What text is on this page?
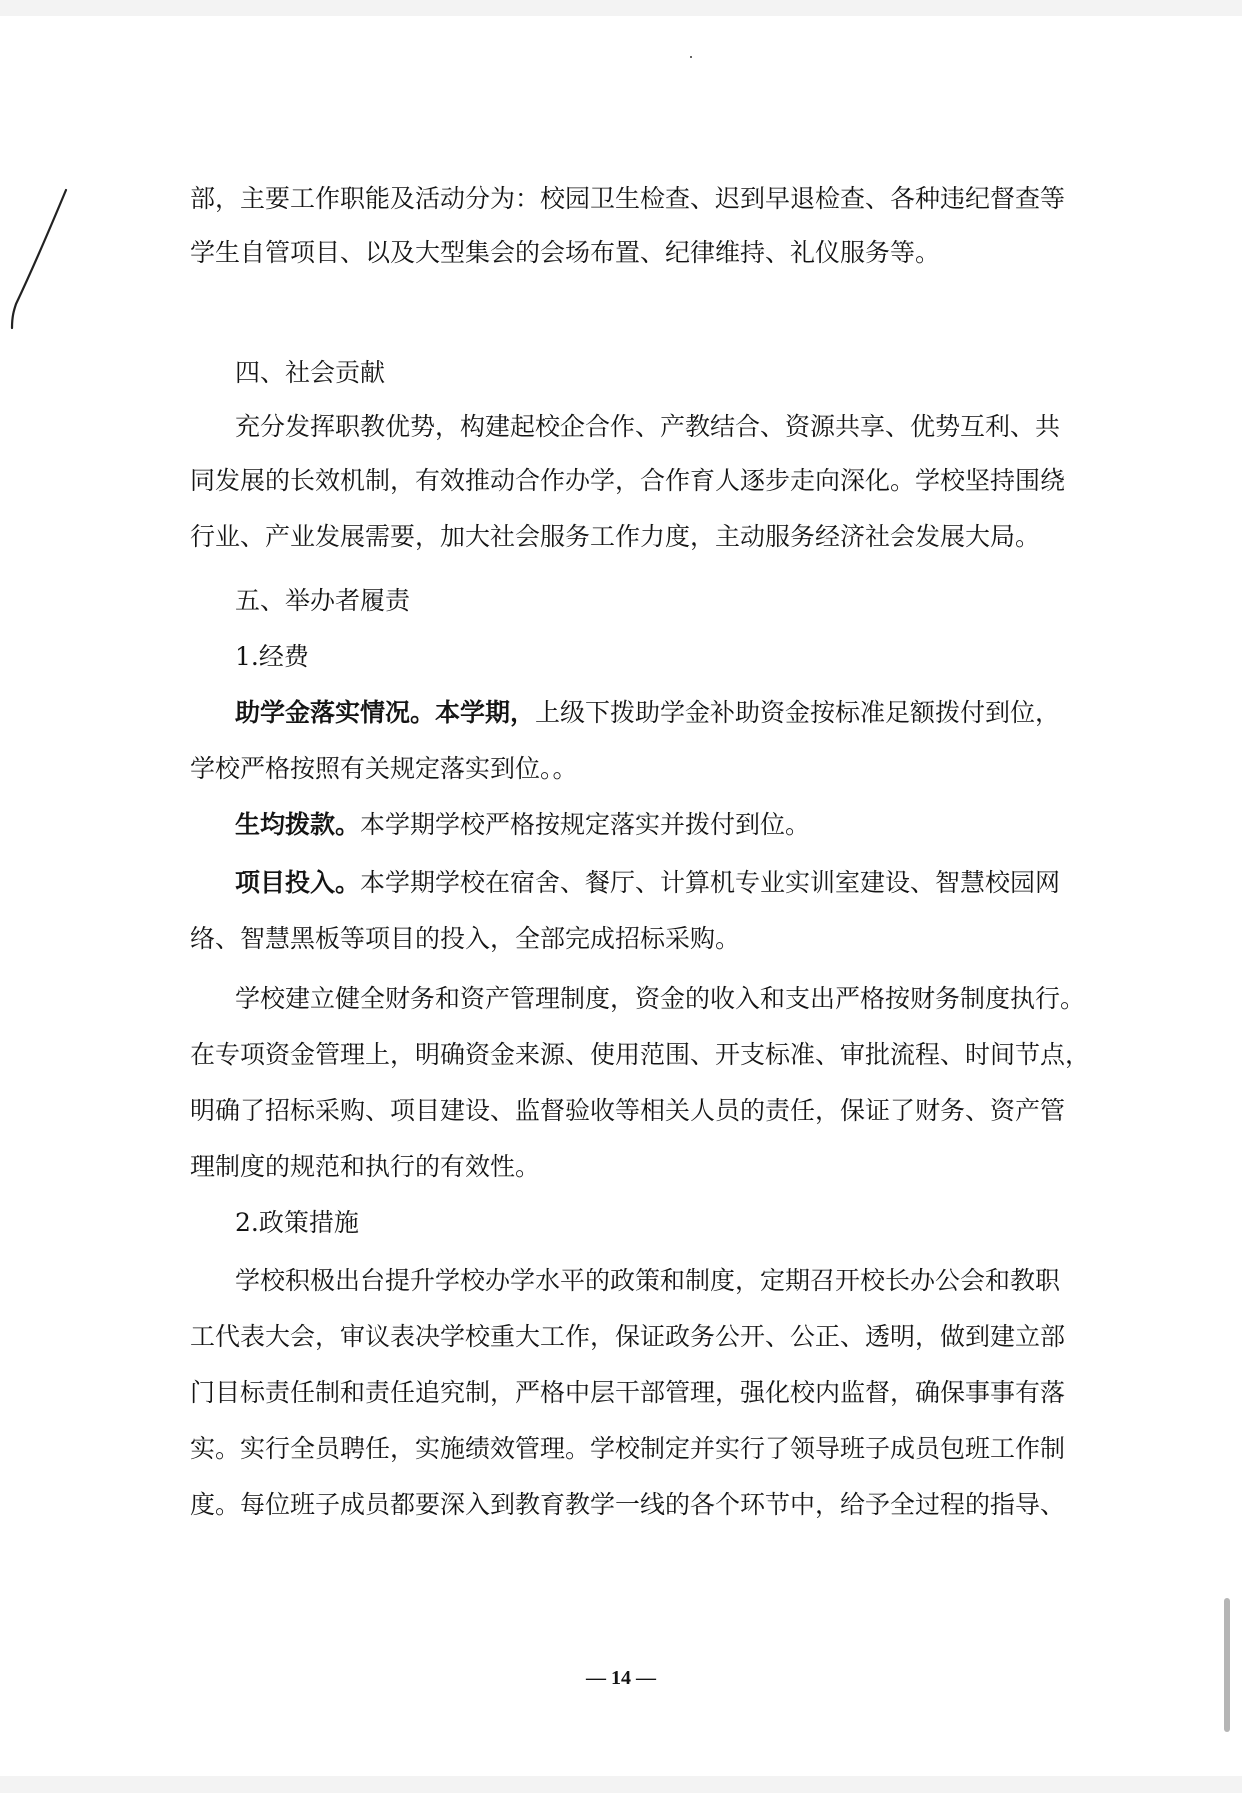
部，主要工作职能及活动分为：校园卫生检查、迟到早退检查、各种违纪督查等

学生自管项目、以及大型集会的会场布置、纪律维持、礼仪服务等。

四、社会贡献

充分发挥职教优势，构建起校企合作、产教结合、资源共享、优势互利、共

同发展的长效机制，有效推动合作办学，合作育人逐步走向深化。学校坚持围绕

行业、产业发展需要，加大社会服务工作力度，主动服务经济社会发展大局。

五、举办者履责

1.经费

助学金落实情况。本学期，上级下拨助学金补助资金按标准足额拨付到位，

学校严格按照有关规定落实到位。。

生均拨款。本学期学校严格按规定落实并拨付到位。

项目投入。本学期学校在宿舍、餐厅、计算机专业实训室建设、智慧校园网

络、智慧黑板等项目的投入，全部完成招标采购。

学校建立健全财务和资产管理制度，资金的收入和支出严格按财务制度执行。

在专项资金管理上，明确资金来源、使用范围、开支标准、审批流程、时间节点，

明确了招标采购、项目建设、监督验收等相关人员的责任，保证了财务、资产管

理制度的规范和执行的有效性。

2.政策措施

学校积极出台提升学校办学水平的政策和制度，定期召开校长办公会和教职

工代表大会，审议表决学校重大工作，保证政务公开、公正、透明，做到建立部

门目标责任制和责任追究制，严格中层干部管理，强化校内监督，确保事事有落

实。实行全员聘任，实施绩效管理。学校制定并实行了领导班子成员包班工作制

度。每位班子成员都要深入到教育教学一线的各个环节中，给予全过程的指导、

— 14 —
